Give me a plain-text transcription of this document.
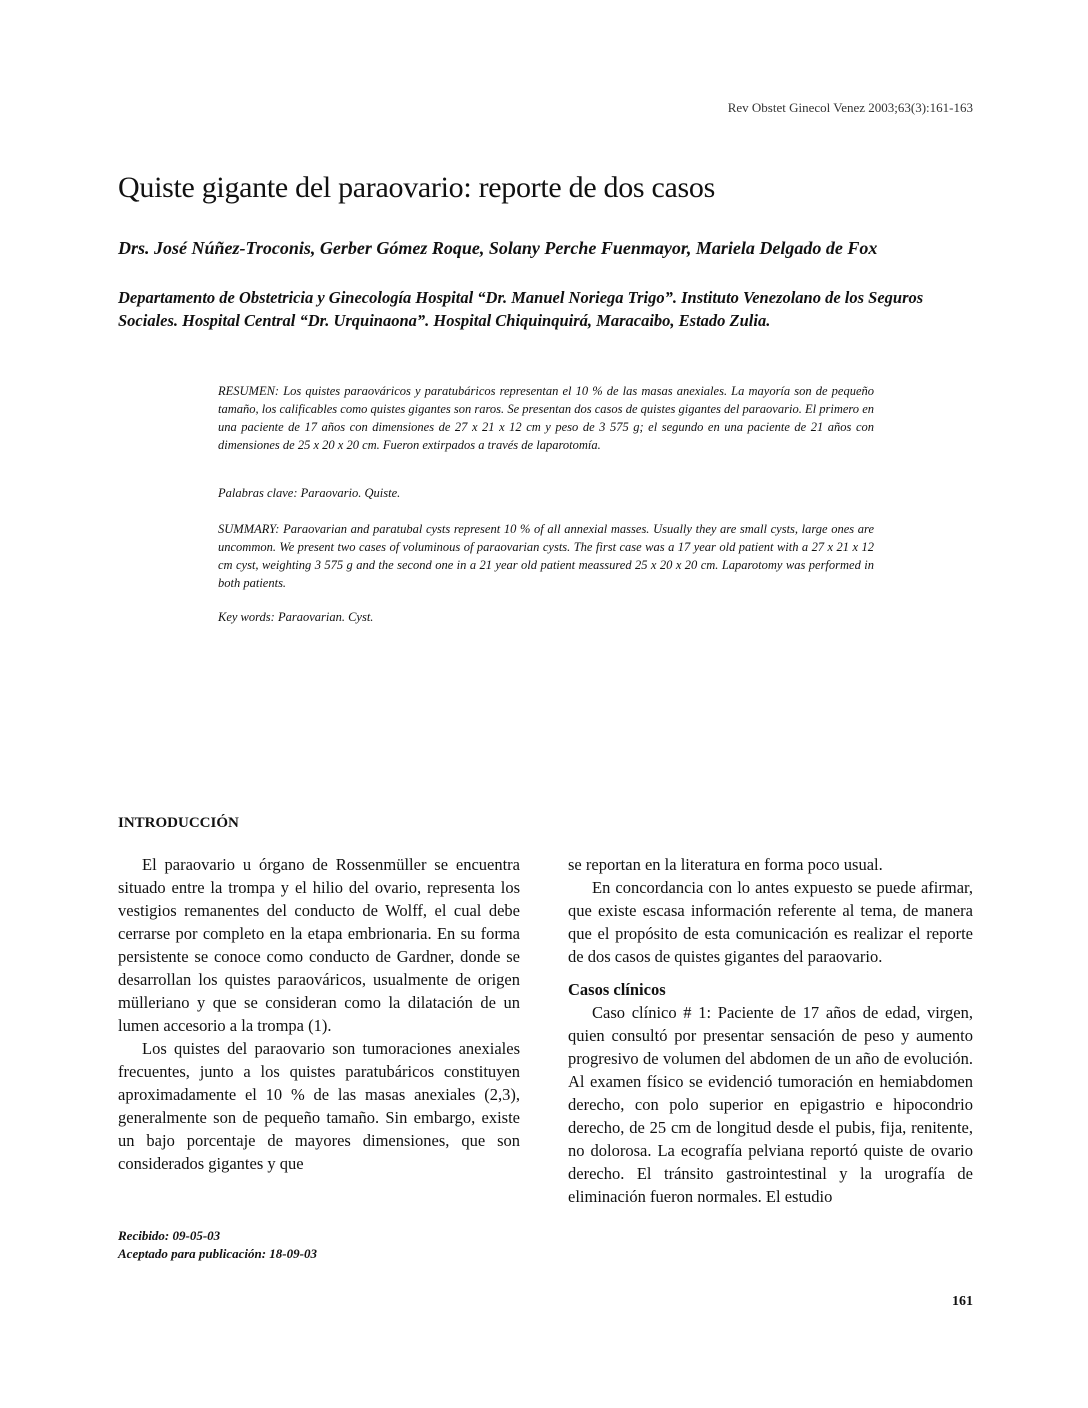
Rev Obstet Ginecol Venez 2003;63(3):161-163
Quiste gigante del paraovario: reporte de dos casos
Drs. José Núñez-Troconis, Gerber Gómez Roque, Solany Perche Fuenmayor, Mariela Delgado de Fox
Departamento de Obstetricia y Ginecología Hospital “Dr. Manuel Noriega Trigo”. Instituto Venezolano de los Seguros Sociales. Hospital Central “Dr. Urquinaona”. Hospital Chiquinquirá, Maracaibo, Estado Zulia.

RESUMEN: Los quistes paraováricos y paratubáricos representan el 10 % de las masas anexiales. La mayoría son de pequeño tamaño, los calificables como quistes gigantes son raros. Se presentan dos casos de quistes gigantes del paraovario. El primero en una paciente de 17 años con dimensiones de 27 x 21 x 12 cm y peso de 3 575 g; el segundo en una paciente de 21 años con dimensiones de 25 x 20 x 20 cm. Fueron extirpados a través de laparotomía.

Palabras clave: Paraovario. Quiste.

SUMMARY: Paraovarian and paratubal cysts represent 10 % of all annexial masses. Usually they are small cysts, large ones are uncommon. We present two cases of voluminous of paraovarian cysts. The first case was a 17 year old patient with a 27 x 21 x 12 cm cyst, weighting 3 575 g and the second one in a 21 year old patient meassured 25 x 20 x 20 cm. Laparotomy was performed in both patients.

Key words: Paraovarian. Cyst.

INTRODUCCIÓN

El paraovario u órgano de Rossenmüller se encuentra situado entre la trompa y el hilio del ovario, representa los vestigios remanentes del conducto de Wolff, el cual debe cerrarse por completo en la etapa embrionaria. En su forma persistente se conoce como conducto de Gardner, donde se desarrollan los quistes paraováricos, usualmente de origen mülleriano y que se consideran como la dilatación de un lumen accesorio a la trompa (1).

Los quistes del paraovario son tumoraciones anexiales frecuentes, junto a los quistes paratubáricos constituyen aproximadamente el 10 % de las masas anexiales (2,3), generalmente son de pequeño tamaño. Sin embargo, existe un bajo porcentaje de mayores dimensiones, que son considerados gigantes y que

se reportan en la literatura en forma poco usual.

En concordancia con lo antes expuesto se puede afirmar, que existe escasa información referente al tema, de manera que el propósito de esta comunicación es realizar el reporte de dos casos de quistes gigantes del paraovario.

Casos clínicos

Caso clínico # 1: Paciente de 17 años de edad, virgen, quien consultó por presentar sensación de peso y aumento progresivo de volumen del abdomen de un año de evolución. Al examen físico se evidenció tumoración en hemiabdomen derecho, con polo superior en epigastrio e hipocondrio derecho, de 25 cm de longitud desde el pubis, fija, renitente, no dolorosa. La ecografía pelviana reportó quiste de ovario derecho. El tránsito gastrointestinal y la urografía de eliminación fueron normales. El estudio

Recibido: 09-05-03
Aceptado para publicación: 18-09-03
161
